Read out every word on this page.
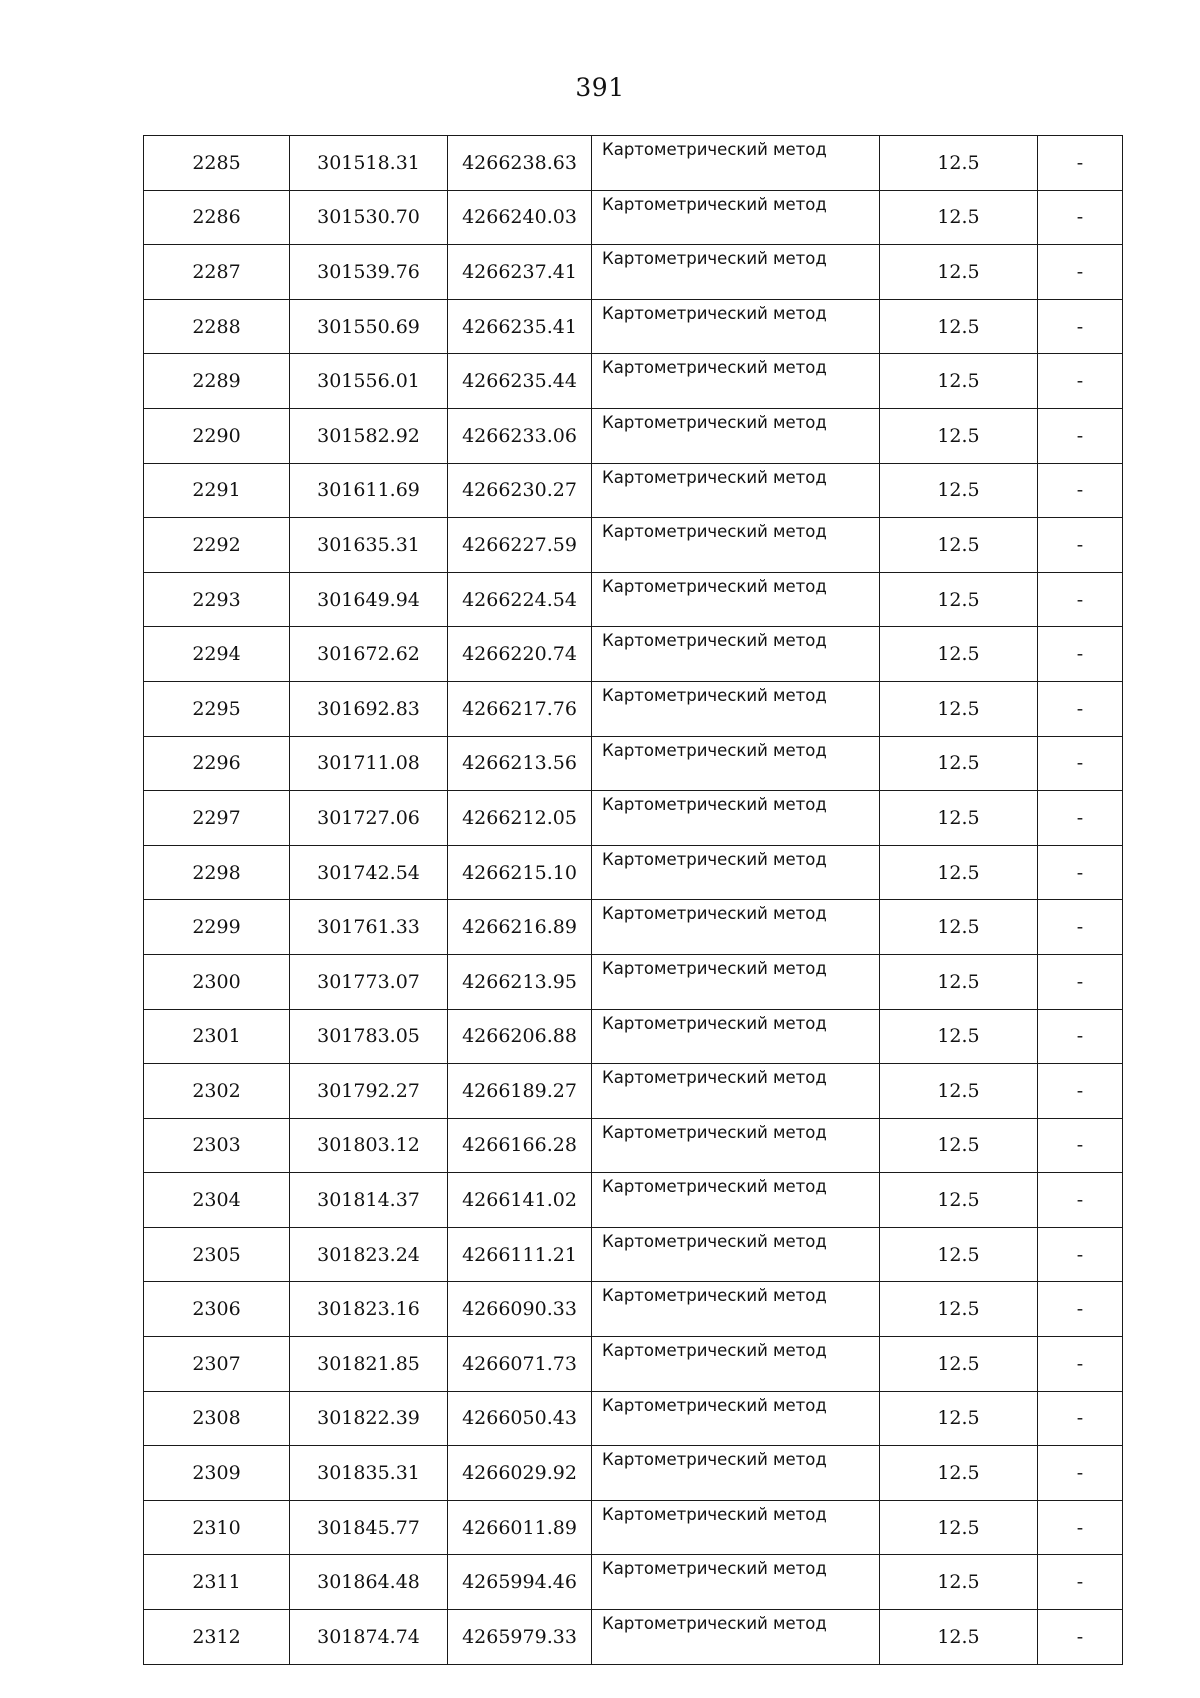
391
2285	301518.31	4266238.63	Картометрический метод	12.5	-
2286	301530.70	4266240.03	Картометрический метод	12.5	-
2287	301539.76	4266237.41	Картометрический метод	12.5	-
2288	301550.69	4266235.41	Картометрический метод	12.5	-
2289	301556.01	4266235.44	Картометрический метод	12.5	-
2290	301582.92	4266233.06	Картометрический метод	12.5	-
2291	301611.69	4266230.27	Картометрический метод	12.5	-
2292	301635.31	4266227.59	Картометрический метод	12.5	-
2293	301649.94	4266224.54	Картометрический метод	12.5	-
2294	301672.62	4266220.74	Картометрический метод	12.5	-
2295	301692.83	4266217.76	Картометрический метод	12.5	-
2296	301711.08	4266213.56	Картометрический метод	12.5	-
2297	301727.06	4266212.05	Картометрический метод	12.5	-
2298	301742.54	4266215.10	Картометрический метод	12.5	-
2299	301761.33	4266216.89	Картометрический метод	12.5	-
2300	301773.07	4266213.95	Картометрический метод	12.5	-
2301	301783.05	4266206.88	Картометрический метод	12.5	-
2302	301792.27	4266189.27	Картометрический метод	12.5	-
2303	301803.12	4266166.28	Картометрический метод	12.5	-
2304	301814.37	4266141.02	Картометрический метод	12.5	-
2305	301823.24	4266111.21	Картометрический метод	12.5	-
2306	301823.16	4266090.33	Картометрический метод	12.5	-
2307	301821.85	4266071.73	Картометрический метод	12.5	-
2308	301822.39	4266050.43	Картометрический метод	12.5	-
2309	301835.31	4266029.92	Картометрический метод	12.5	-
2310	301845.77	4266011.89	Картометрический метод	12.5	-
2311	301864.48	4265994.46	Картометрический метод	12.5	-
2312	301874.74	4265979.33	Картометрический метод	12.5	-
